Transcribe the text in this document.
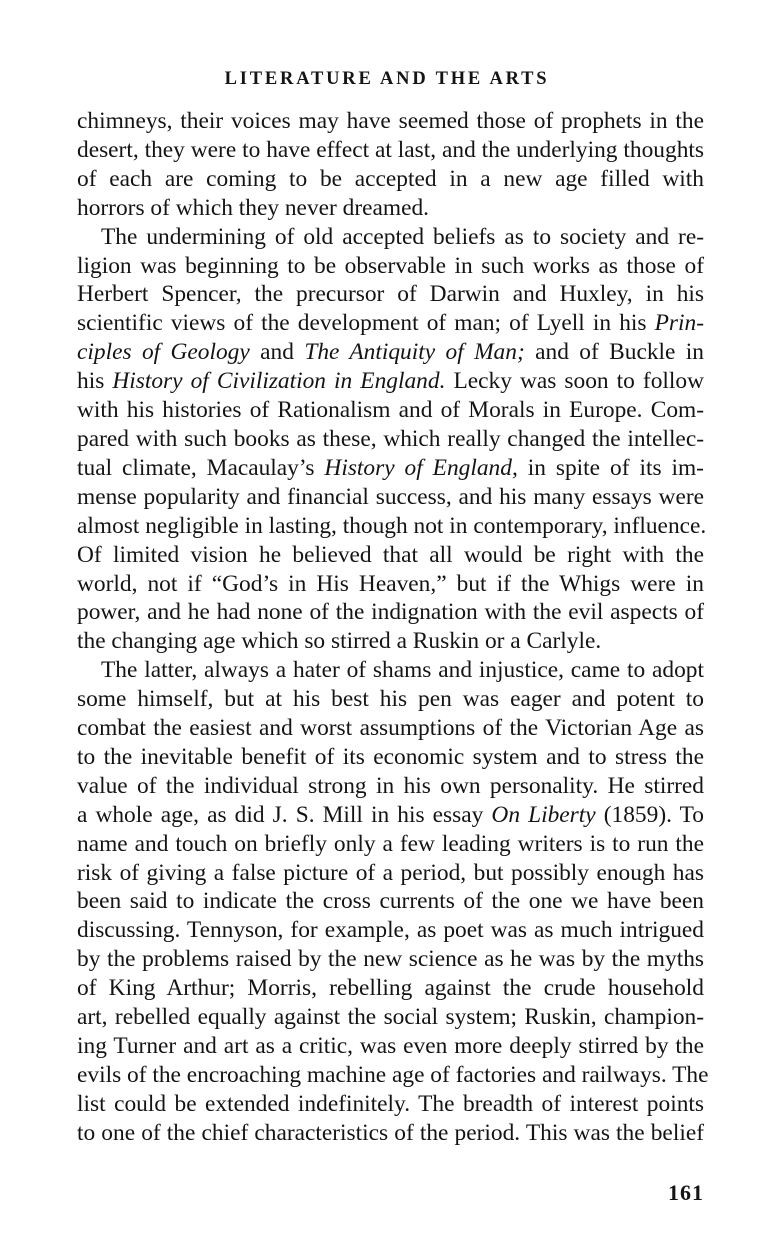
LITERATURE AND THE ARTS
chimneys, their voices may have seemed those of prophets in the
desert, they were to have effect at last, and the underlying thoughts
of each are coming to be accepted in a new age filled with
horrors of which they never dreamed.
The undermining of old accepted beliefs as to society and re-
ligion was beginning to be observable in such works as those of
Herbert Spencer, the precursor of Darwin and Huxley, in his
scientific views of the development of man; of Lyell in his Prin-
ciples of Geology and The Antiquity of Man; and of Buckle in
his History of Civilization in England. Lecky was soon to follow
with his histories of Rationalism and of Morals in Europe. Com-
pared with such books as these, which really changed the intellec-
tual climate, Macaulay’s History of England, in spite of its im-
mense popularity and financial success, and his many essays were
almost negligible in lasting, though not in contemporary, influence.
Of limited vision he believed that all would be right with the
world, not if “God’s in His Heaven,” but if the Whigs were in
power, and he had none of the indignation with the evil aspects of
the changing age which so stirred a Ruskin or a Carlyle.
The latter, always a hater of shams and injustice, came to adopt
some himself, but at his best his pen was eager and potent to
combat the easiest and worst assumptions of the Victorian Age as
to the inevitable benefit of its economic system and to stress the
value of the individual strong in his own personality. He stirred
a whole age, as did J. S. Mill in his essay On Liberty (1859). To
name and touch on briefly only a few leading writers is to run the
risk of giving a false picture of a period, but possibly enough has
been said to indicate the cross currents of the one we have been
discussing. Tennyson, for example, as poet was as much intrigued
by the problems raised by the new science as he was by the myths
of King Arthur; Morris, rebelling against the crude household
art, rebelled equally against the social system; Ruskin, champion-
ing Turner and art as a critic, was even more deeply stirred by the
evils of the encroaching machine age of factories and railways. The
list could be extended indefinitely. The breadth of interest points
to one of the chief characteristics of the period. This was the belief
161
